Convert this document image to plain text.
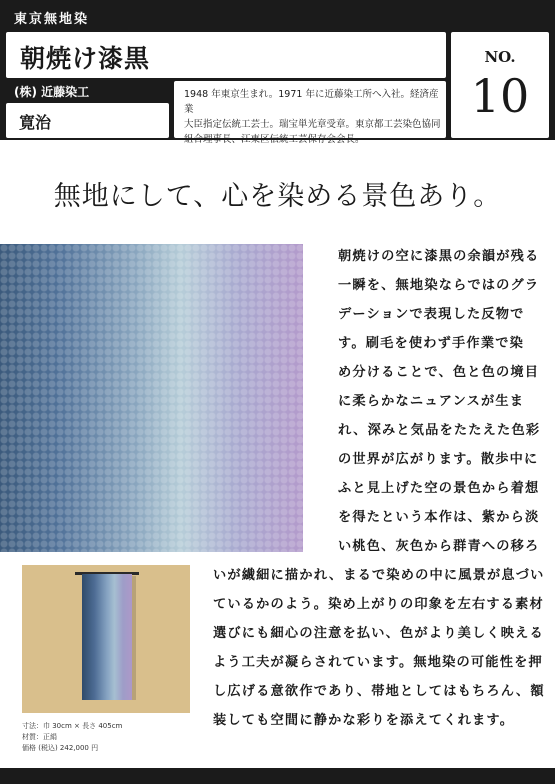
東京無地染
朝焼け漆黒	NO.
10
(株) 近藤染工
寛治
1948 年東京生まれ。1971 年に近藤染工所へ入社。経済産業
大臣指定伝統工芸士。瑞宝単光章受章。東京都工芸染色協同
組合理事長、江東区伝統工芸保存会会長。
無地にして、心を染める景色あり。
寸法：巾 30cm × 長さ 405cm
材質：正絹
価格 (税込) 242,000 円
朝焼けの空に漆黒の余韻が残る
一瞬を、無地染ならではのグラ
デーションで表現した反物で
す。刷毛を使わず手作業で染
め分けることで、色と色の境目
に柔らかなニュアンスが生ま
れ、深みと気品をたたえた色彩
の世界が広がります。散歩中に
ふと見上げた空の景色から着想
を得たという本作は、紫から淡
い桃色、灰色から群青への移ろ
いが繊細に描かれ、まるで染めの中に風景が息づい
ているかのよう。染め上がりの印象を左右する素材
選びにも細心の注意を払い、色がより美しく映える
よう工夫が凝らされています。無地染の可能性を押
し広げる意欲作であり、帯地としてはもちろん、額
装しても空間に静かな彩りを添えてくれます。
